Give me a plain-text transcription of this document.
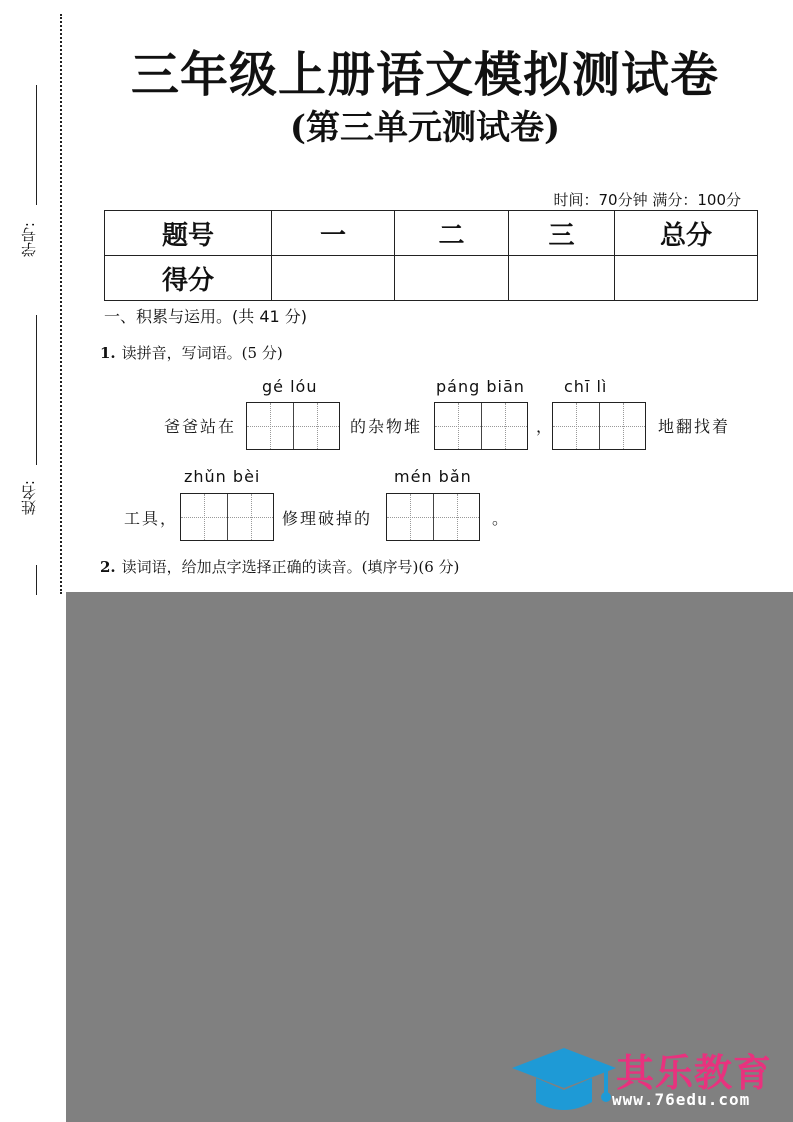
学号:
姓名:
三年级上册语文模拟测试卷
(第三单元测试卷)
时间：70分钟 满分：100分
题号	一	二	三	总分
得分				
一、积累与运用。(共 41 分)
1. 读拼音，写词语。(5 分)
gé lóu	páng biān chī lì
爸爸站在	的杂物堆	，	地翻找着
zhǔn bèi	mén bǎn
工具，	修理破掉的	。
2. 读词语，给加点字选择正确的读音。(填序号)(6 分)
其乐教育
www.76edu.com
